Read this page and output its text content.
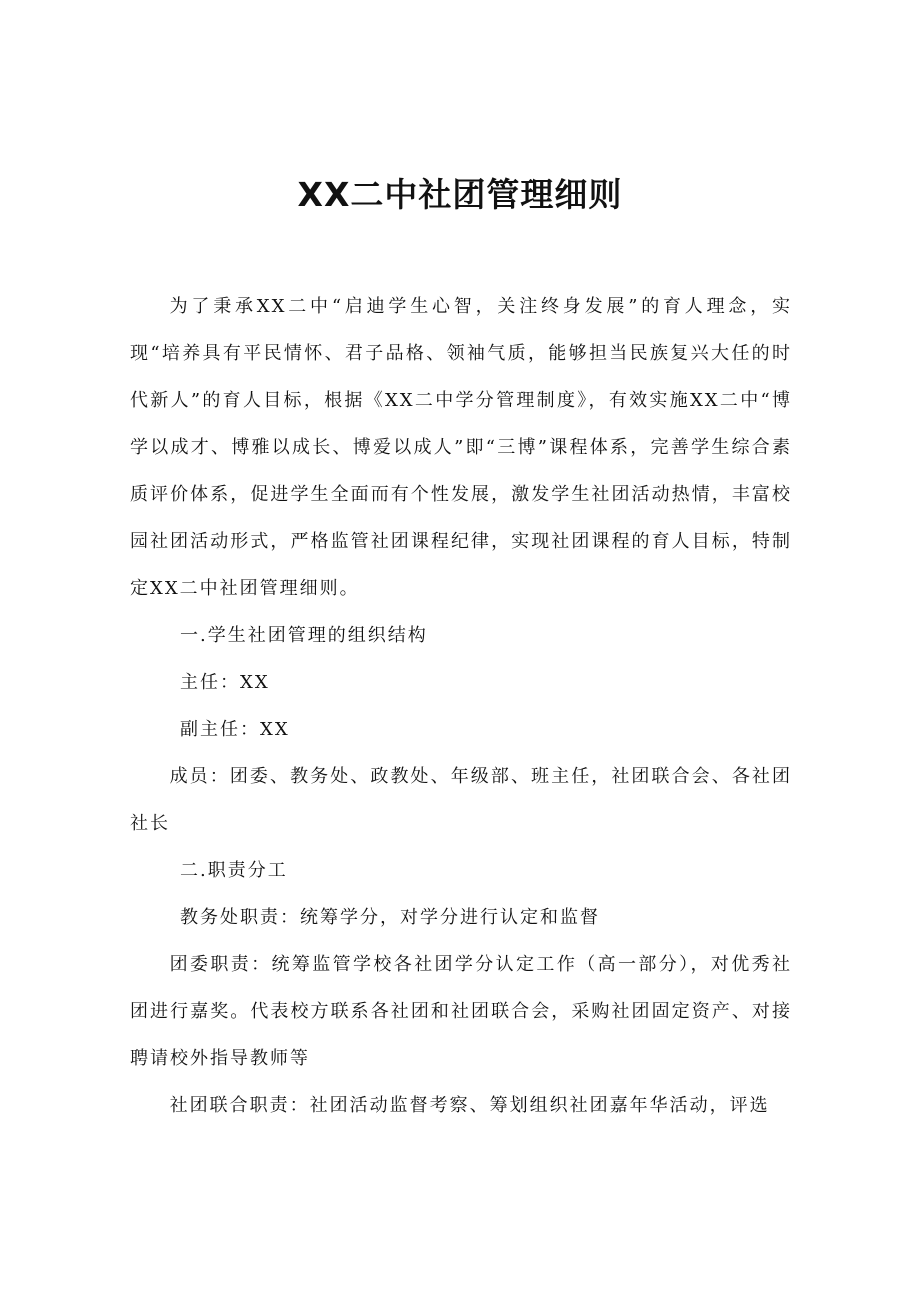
XX二中社团管理细则

为了秉承XX二中“启迪学生心智，关注终身发展”的育人理念，实现“培养具有平民情怀、君子品格、领袖气质，能够担当民族复兴大任的时代新人”的育人目标，根据《XX二中学分管理制度》，有效实施XX二中“博学以成才、博雅以成长、博爱以成人”即“三博”课程体系，完善学生综合素质评价体系，促进学生全面而有个性发展，激发学生社团活动热情，丰富校园社团活动形式，严格监管社团课程纪律，实现社团课程的育人目标，特制定XX二中社团管理细则。

一.学生社团管理的组织结构

主任：XX

副主任：XX

成员：团委、教务处、政教处、年级部、班主任，社团联合会、各社团社长

二.职责分工

教务处职责：统筹学分，对学分进行认定和监督

团委职责：统筹监管学校各社团学分认定工作（高一部分），对优秀社团进行嘉奖。代表校方联系各社团和社团联合会，采购社团固定资产、对接聘请校外指导教师等

社团联合职责：社团活动监督考察、筹划组织社团嘉年华活动，评选
